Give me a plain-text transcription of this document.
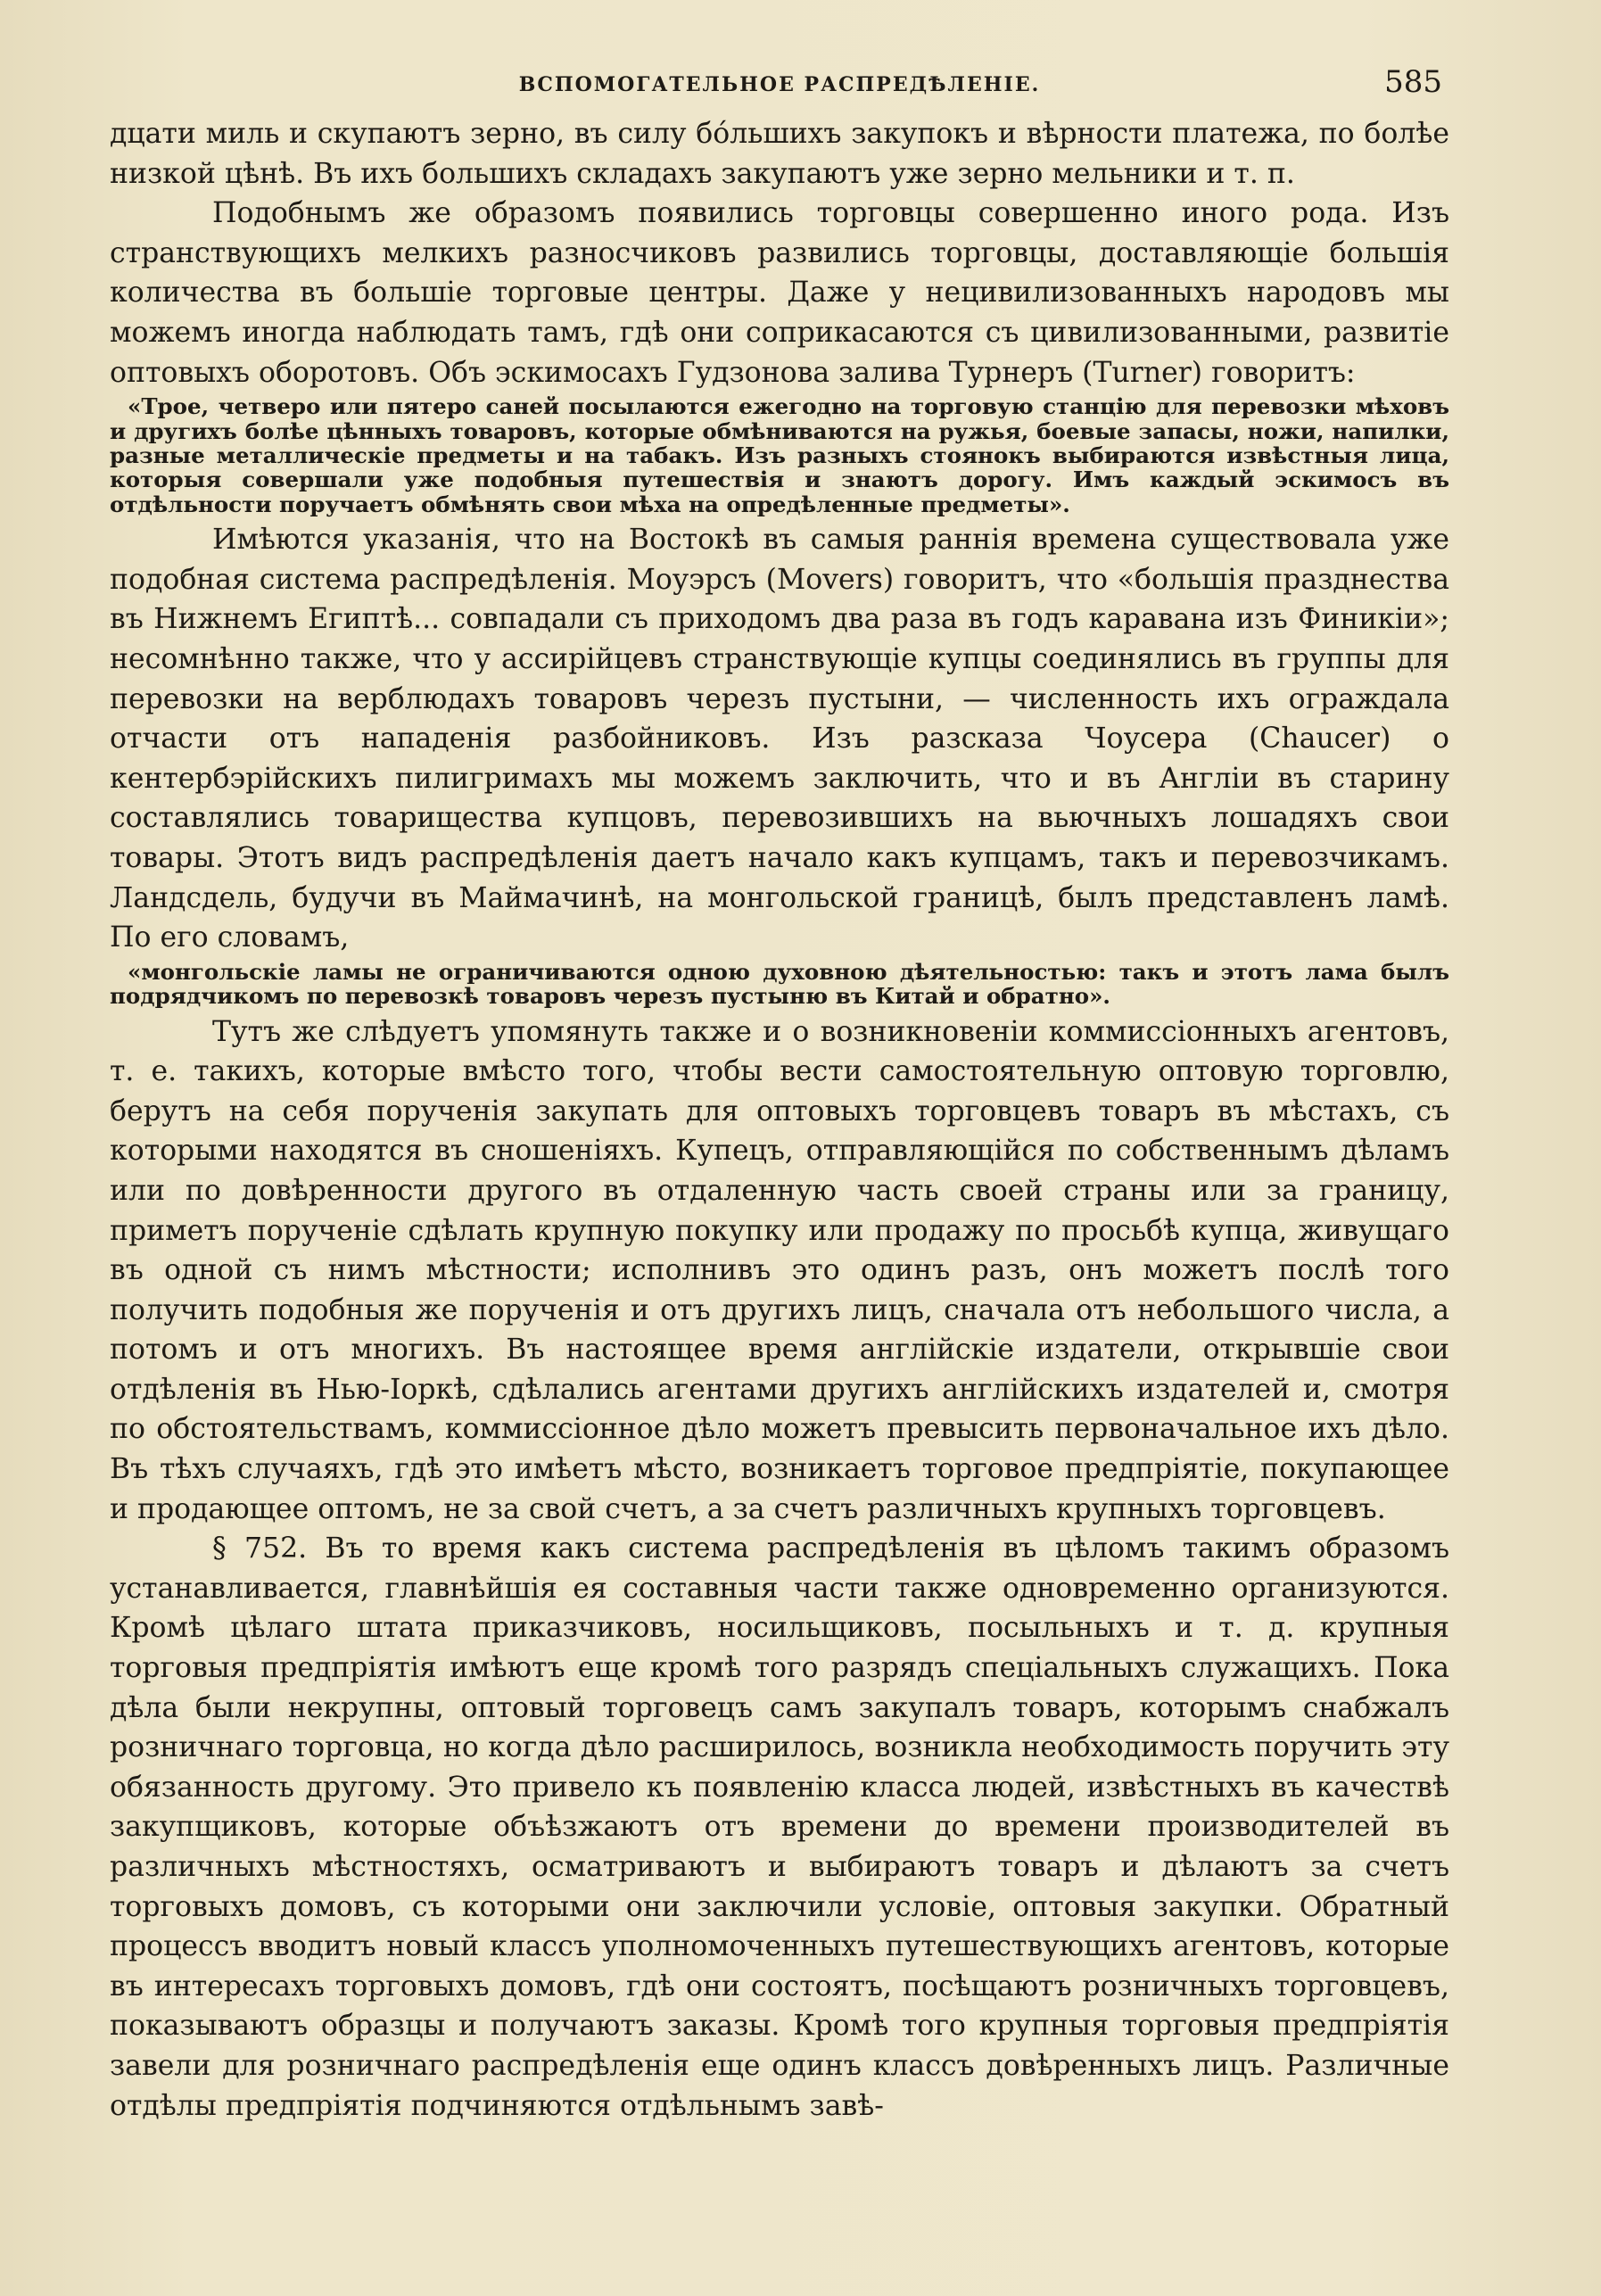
ВСПОМОГАТЕЛЬНОЕ РАСПРЕДѢЛЕНІЕ.	585

дцати миль и скупаютъ зерно, въ силу бо́льшихъ закупокъ и вѣрности платежа, по болѣе низкой цѣнѣ. Въ ихъ большихъ складахъ закупаютъ уже зерно мельники и т. п.

Подобнымъ же образомъ появились торговцы совершенно иного рода. Изъ странствующихъ мелкихъ разносчиковъ развились торговцы, доставляющіе большія количества въ большіе торговые центры. Даже у нецивилизованныхъ народовъ мы можемъ иногда наблюдать тамъ, гдѣ они соприкасаются съ цивилизованными, развитіе оптовыхъ оборотовъ. Объ эскимосахъ Гудзонова залива Турнеръ (Turner) говоритъ:

«Трое, четверо или пятеро саней посылаются ежегодно на торговую станцію для перевозки мѣховъ и другихъ болѣе цѣнныхъ товаровъ, которые обмѣниваются на ружья, боевые запасы, ножи, напилки, разные металлическіе предметы и на табакъ. Изъ разныхъ стоянокъ выбираются извѣстныя лица, которыя совершали уже подобныя путешествія и знаютъ дорогу. Имъ каждый эскимосъ въ отдѣльности поручаетъ обмѣнять свои мѣха на опредѣленные предметы».

Имѣются указанія, что на Востокѣ въ самыя раннія времена существовала уже подобная система распредѣленія. Моуэрсъ (Movers) говоритъ, что «большія празднества въ Нижнемъ Египтѣ... совпадали съ приходомъ два раза въ годъ каравана изъ Финикіи»; несомнѣнно также, что у ассирійцевъ странствующіе купцы соединялись въ группы для перевозки на верблюдахъ товаровъ черезъ пустыни, — численность ихъ ограждала отчасти отъ нападенія разбойниковъ. Изъ разсказа Чоусера (Chaucer) о кентербэрійскихъ пилигримахъ мы можемъ заключить, что и въ Англіи въ старину составлялись товарищества купцовъ, перевозившихъ на вьючныхъ лошадяхъ свои товары. Этотъ видъ распредѣленія даетъ начало какъ купцамъ, такъ и перевозчикамъ. Ландсдель, будучи въ Маймачинѣ, на монгольской границѣ, былъ представленъ ламѣ. По его словамъ,

«монгольскіе ламы не ограничиваются одною духовною дѣятельностью: такъ и этотъ лама былъ подрядчикомъ по перевозкѣ товаровъ черезъ пустыню въ Китай и обратно».

Тутъ же слѣдуетъ упомянуть также и о возникновеніи коммиссіонныхъ агентовъ, т. е. такихъ, которые вмѣсто того, чтобы вести самостоятельную оптовую торговлю, берутъ на себя порученія закупать для оптовыхъ торговцевъ товаръ въ мѣстахъ, съ которыми находятся въ сношеніяхъ. Купецъ, отправляющійся по собственнымъ дѣламъ или по довѣренности другого въ отдаленную часть своей страны или за границу, приметъ порученіе сдѣлать крупную покупку или продажу по просьбѣ купца, живущаго въ одной съ нимъ мѣстности; исполнивъ это одинъ разъ, онъ можетъ послѣ того получить подобныя же порученія и отъ другихъ лицъ, сначала отъ небольшого числа, а потомъ и отъ многихъ. Въ настоящее время англійскіе издатели, открывшіе свои отдѣленія въ Нью-Іоркѣ, сдѣлались агентами другихъ англійскихъ издателей и, смотря по обстоятельствамъ, коммиссіонное дѣло можетъ превысить первоначальное ихъ дѣло. Въ тѣхъ случаяхъ, гдѣ это имѣетъ мѣсто, возникаетъ торговое предпріятіе, покупающее и продающее оптомъ, не за свой счетъ, а за счетъ различныхъ крупныхъ торговцевъ.

§ 752. Въ то время какъ система распредѣленія въ цѣломъ такимъ образомъ устанавливается, главнѣйшія ея составныя части также одновременно организуются. Кромѣ цѣлаго штата приказчиковъ, носильщиковъ, посыльныхъ и т. д. крупныя торговыя предпріятія имѣютъ еще кромѣ того разрядъ спеціальныхъ служащихъ. Пока дѣла были некрупны, оптовый торговецъ самъ закупалъ товаръ, которымъ снабжалъ розничнаго торговца, но когда дѣло расширилось, возникла необходимость поручить эту обязанность другому. Это привело къ появленію класса людей, извѣстныхъ въ качествѣ закупщиковъ, которые объѣзжаютъ отъ времени до времени производителей въ различныхъ мѣстностяхъ, осматриваютъ и выбираютъ товаръ и дѣлаютъ за счетъ торговыхъ домовъ, съ которыми они заключили условіе, оптовыя закупки. Обратный процессъ вводитъ новый классъ уполномоченныхъ путешествующихъ агентовъ, которые въ интересахъ торговыхъ домовъ, гдѣ они состоятъ, посѣщаютъ розничныхъ торговцевъ, показываютъ образцы и получаютъ заказы. Кромѣ того крупныя торговыя предпріятія завели для розничнаго распредѣленія еще одинъ классъ довѣренныхъ лицъ. Различные отдѣлы предпріятія подчиняются отдѣльнымъ завѣ-
